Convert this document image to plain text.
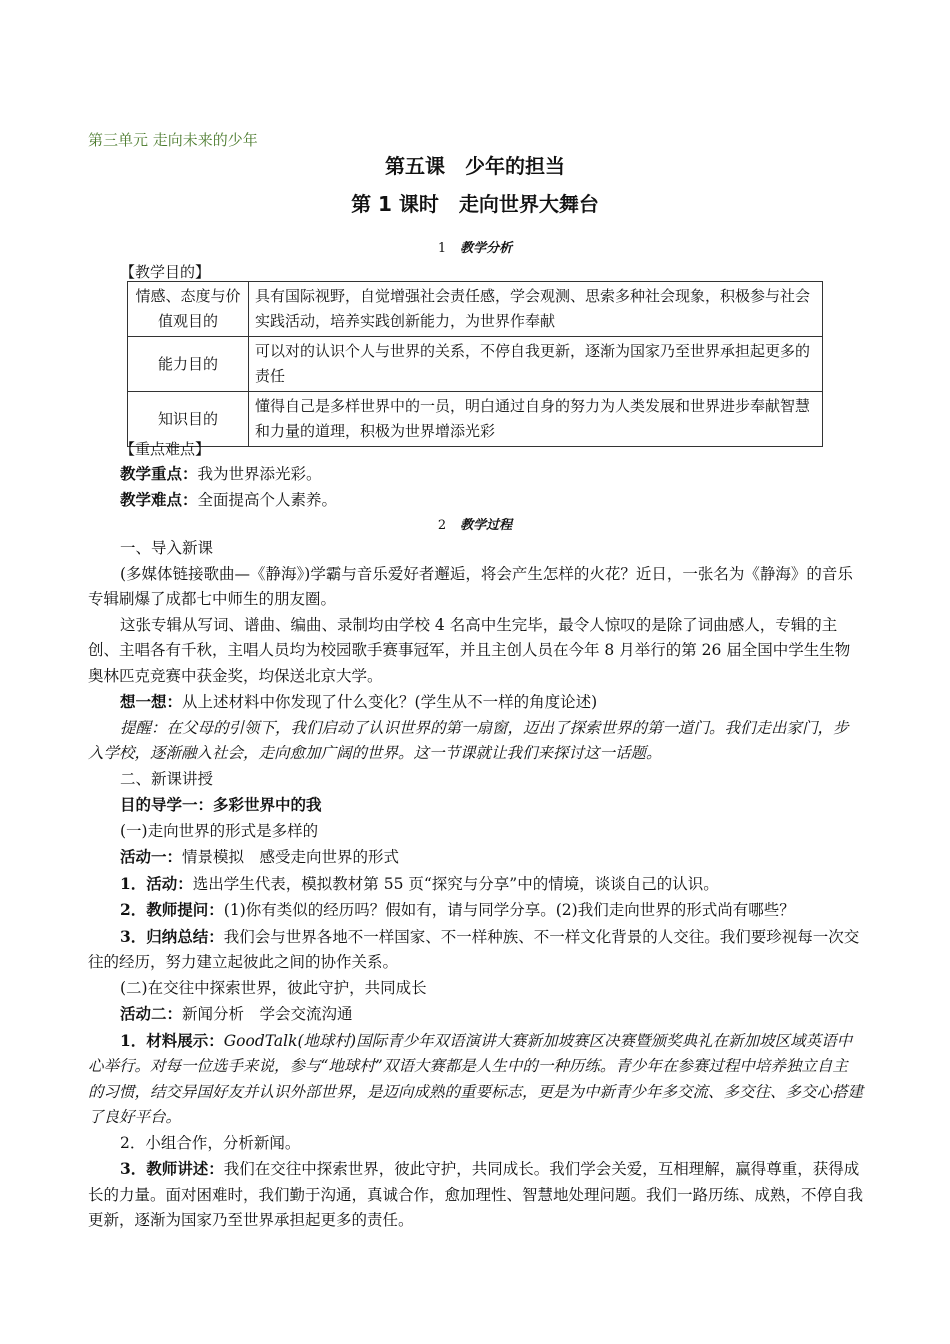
第三单元 走向未来的少年
第五课　少年的担当
第 1 课时　走向世界大舞台
1 教学分析
【教学目的】
情感、态度与价值观目的	具有国际视野，自觉增强社会责任感，学会观测、思索多种社会现象，积极参与社会实践活动，培养实践创新能力，为世界作奉献
能力目的	可以对的认识个人与世界的关系，不停自我更新，逐渐为国家乃至世界承担起更多的责任
知识目的	懂得自己是多样世界中的一员，明白通过自身的努力为人类发展和世界进步奉献智慧和力量的道理，积极为世界增添光彩
【重点难点】
教学重点：我为世界添光彩。
教学难点：全面提高个人素养。
2 教学过程

一、导入新课

(多媒体链接歌曲—《静海》)学霸与音乐爱好者邂逅，将会产生怎样的火花？近日，一张名为《静海》的音乐专辑刷爆了成都七中师生的朋友圈。

这张专辑从写词、谱曲、编曲、录制均由学校 4 名高中生完毕，最令人惊叹的是除了词曲感人，专辑的主创、主唱各有千秋，主唱人员均为校园歌手赛事冠军，并且主创人员在今年 8 月举行的第 26 届全国中学生生物奥林匹克竞赛中获金奖，均保送北京大学。

想一想：从上述材料中你发现了什么变化？(学生从不一样的角度论述)

提醒：在父母的引领下，我们启动了认识世界的第一扇窗，迈出了探索世界的第一道门。我们走出家门，步入学校，逐渐融入社会，走向愈加广阔的世界。这一节课就让我们来探讨这一话题。

二、新课讲授

目的导学一：多彩世界中的我

(一)走向世界的形式是多样的

活动一：情景模拟　感受走向世界的形式

1．活动：选出学生代表，模拟教材第 55 页“探究与分享”中的情境，谈谈自己的认识。

2．教师提问：(1)你有类似的经历吗？假如有，请与同学分享。(2)我们走向世界的形式尚有哪些？

3．归纳总结：我们会与世界各地不一样国家、不一样种族、不一样文化背景的人交往。我们要珍视每一次交往的经历，努力建立起彼此之间的协作关系。

(二)在交往中探索世界，彼此守护，共同成长

活动二：新闻分析　学会交流沟通

1．材料展示：GoodTalk(地球村)国际青少年双语演讲大赛新加坡赛区决赛暨颁奖典礼在新加坡区域英语中心举行。对每一位选手来说，参与“地球村”双语大赛都是人生中的一种历练。青少年在参赛过程中培养独立自主的习惯，结交异国好友并认识外部世界，是迈向成熟的重要标志，更是为中新青少年多交流、多交往、多交心搭建了良好平台。

2．小组合作，分析新闻。

3．教师讲述：我们在交往中探索世界，彼此守护，共同成长。我们学会关爱，互相理解，赢得尊重，获得成长的力量。面对困难时，我们勤于沟通，真诚合作，愈加理性、智慧地处理问题。我们一路历练、成熟，不停自我更新，逐渐为国家乃至世界承担起更多的责任。
